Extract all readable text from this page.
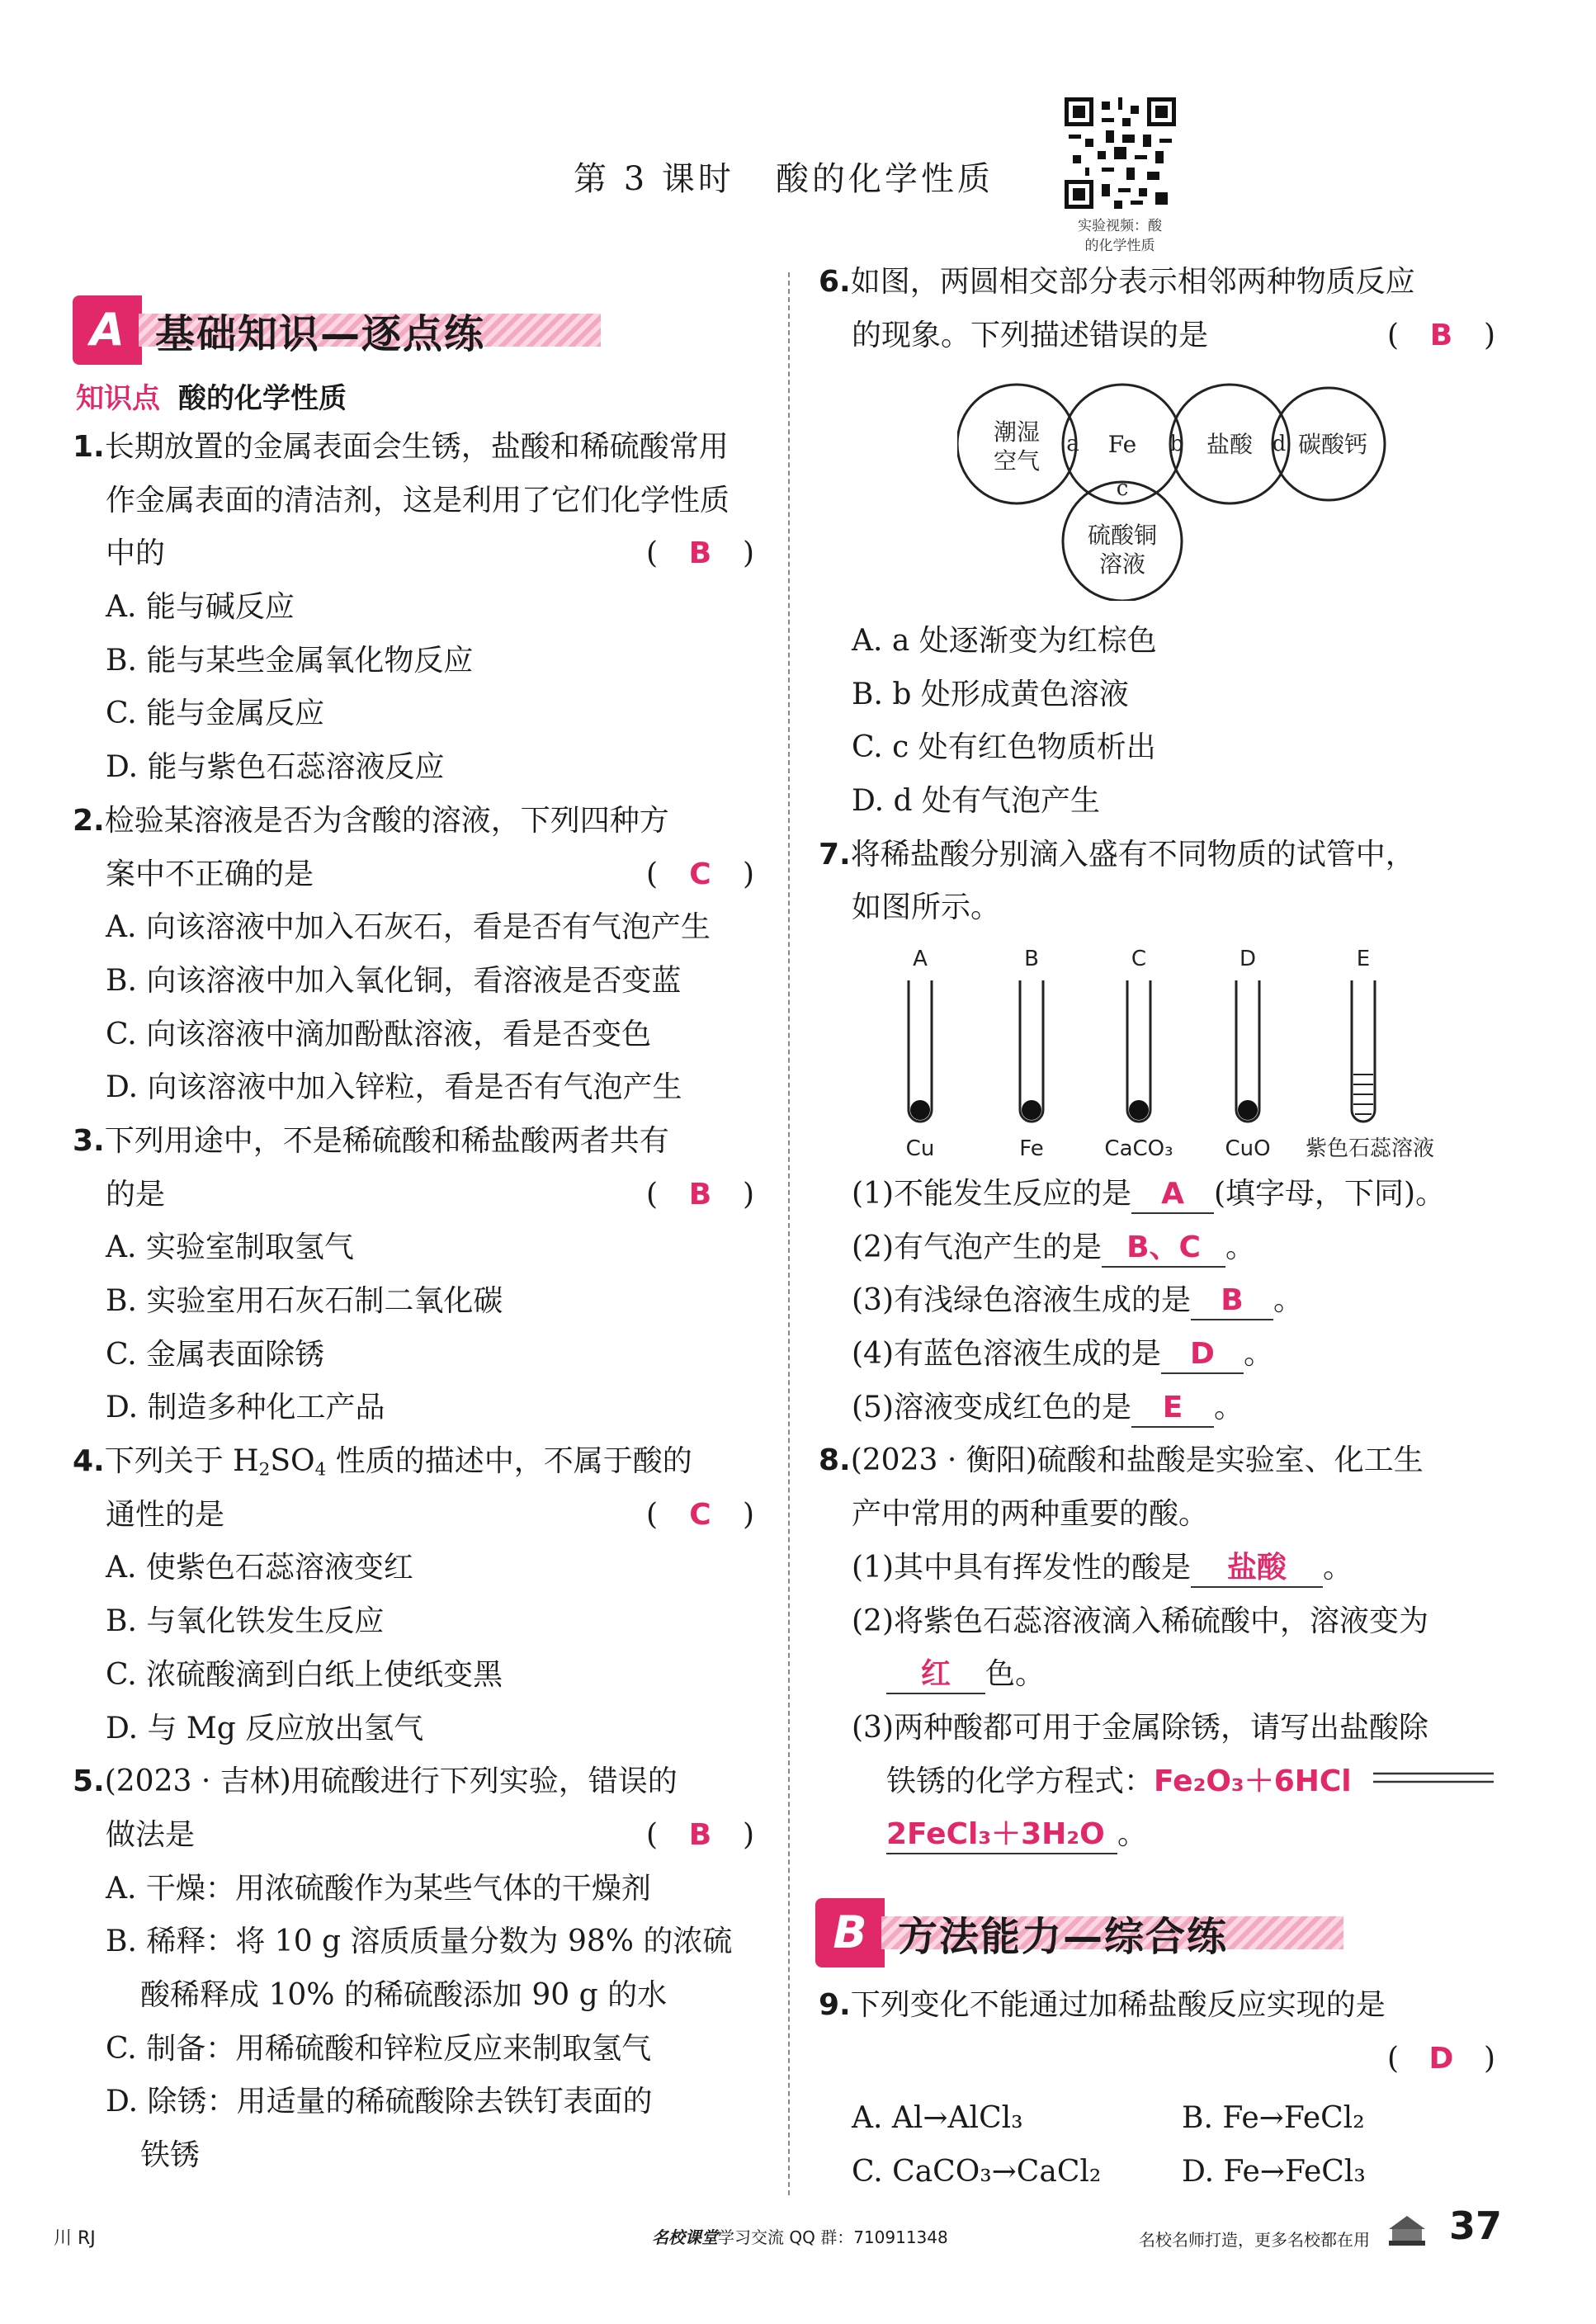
第 3 课时   酸的化学性质
实验视频：酸
的化学性质
A 基础知识—逐点练
知识点 酸的化学性质
1.长期放置的金属表面会生锈，盐酸和稀硫酸常用
作金属表面的清洁剂，这是利用了它们化学性质
中的	( B )
A. 能与碱反应
B. 能与某些金属氧化物反应
C. 能与金属反应
D. 能与紫色石蕊溶液反应
2.检验某溶液是否为含酸的溶液，下列四种方
案中不正确的是	( C )
A. 向该溶液中加入石灰石，看是否有气泡产生
B. 向该溶液中加入氧化铜，看溶液是否变蓝
C. 向该溶液中滴加酚酞溶液，看是否变色
D. 向该溶液中加入锌粒，看是否有气泡产生
3.下列用途中，不是稀硫酸和稀盐酸两者共有
的是	( B )
A. 实验室制取氢气
B. 实验室用石灰石制二氧化碳
C. 金属表面除锈
D. 制造多种化工产品
4.下列关于 $H_2SO_4$ 性质的描述中，不属于酸的
通性的是	( C )
A. 使紫色石蕊溶液变红
B. 与氧化铁发生反应
C. 浓硫酸滴到白纸上使纸变黑
D. 与 Mg 反应放出氢气
5.(2023 · 吉林)用硫酸进行下列实验，错误的
做法是	( B )
A. 干燥：用浓硫酸作为某些气体的干燥剂
B. 稀释：将 10 g 溶质质量分数为 98% 的浓硫
酸稀释成 10% 的稀硫酸添加 90 g 的水
C. 制备：用稀硫酸和锌粒反应来制取氢气
D. 除锈：用适量的稀硫酸除去铁钉表面的
铁锈
6.如图，两圆相交部分表示相邻两种物质反应
的现象。下列描述错误的是	( B )
潮湿
空气
Fe	盐酸 碳酸钙
硫酸铜
溶液
a	b
c
d
A. a 处逐渐变为红棕色
B. b 处形成黄色溶液
C. c 处有红色物质析出
D. d 处有气泡产生
7.将稀盐酸分别滴入盛有不同物质的试管中，
如图所示。
A	B	C	D	E
Cu	Fe	CaCO₃ CuO 紫色石蕊溶液
(1)不能发生反应的是 A (填字母，下同)。
(2)有气泡产生的是 B、C 。
(3)有浅绿色溶液生成的是 B 。
(4)有蓝色溶液生成的是 D 。
(5)溶液变成红色的是 E 。
8.(2023 · 衡阳)硫酸和盐酸是实验室、化工生
产中常用的两种重要的酸。
(1)其中具有挥发性的酸是 盐酸 。
(2)将紫色石蕊溶液滴入稀硫酸中，溶液变为
红 色。
(3)两种酸都可用于金属除锈，请写出盐酸除
铁锈的化学方程式：Fe₂O₃＋6HCl
2FeCl₃＋3H₂O 。
B 方法能力—综合练
9.下列变化不能通过加稀盐酸反应实现的是
( D )
A. Al→AlCl₃	B. Fe→FeCl₂
C. CaCO₃→CaCl₂	D. Fe→FeCl₃
川 RJ	名校课堂学习交流 QQ 群：710911348	名校名师打造，更多名校都在用 37
